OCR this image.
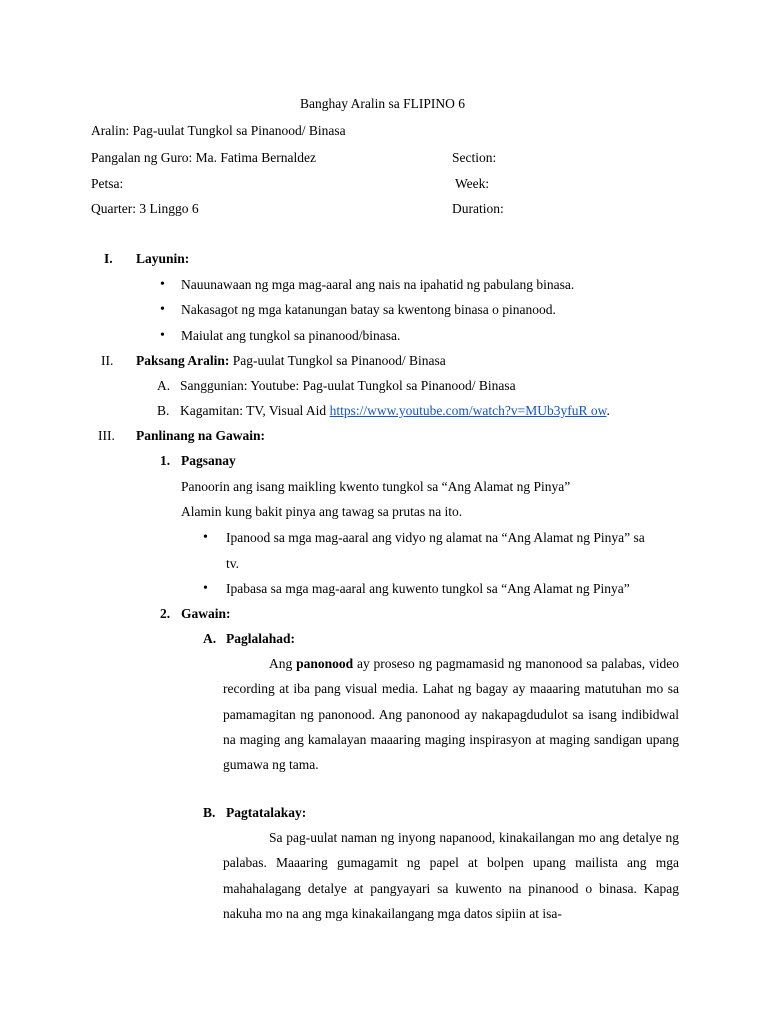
Banghay Aralin sa FLIPINO 6
Aralin: Pag-uulat Tungkol sa Pinanood/ Binasa
Pangalan ng Guro: Ma. Fatima Bernaldez	Section:
Petsa:	Week:
Quarter: 3 Linggo 6	Duration:
I. Layunin:
• Nauunawaan ng mga mag-aaral ang nais na ipahatid ng pabulang binasa.
• Nakasagot ng mga katanungan batay sa kwentong binasa o pinanood.
• Maiulat ang tungkol sa pinanood/binasa.
II. Paksang Aralin: Pag-uulat Tungkol sa Pinanood/ Binasa
A. Sanggunian: Youtube: Pag-uulat Tungkol sa Pinanood/ Binasa
B. Kagamitan: TV, Visual Aid https://www.youtube.com/watch?v=MUb3yfuR ow.
III. Panlinang na Gawain:
1. Pagsanay
Panoorin ang isang maikling kwento tungkol sa “Ang Alamat ng Pinya”
Alamin kung bakit pinya ang tawag sa prutas na ito.
• Ipanood sa mga mag-aaral ang vidyo ng alamat na “Ang Alamat ng Pinya” sa
tv.
• Ipabasa sa mga mag-aaral ang kuwento tungkol sa “Ang Alamat ng Pinya”
2. Gawain:
A. Paglalahad:
Ang panonood ay proseso ng pagmamasid ng manonood sa palabas, video recording at iba pang visual media. Lahat ng bagay ay maaaring matutuhan mo sa pamamagitan ng panonood. Ang panonood ay nakapagdudulot sa isang indibidwal na maging ang kamalayan maaaring maging inspirasyon at maging sandigan upang gumawa ng tama.
B. Pagtatalakay:
Sa pag-uulat naman ng inyong napanood, kinakailangan mo ang detalye ng palabas. Maaaring gumagamit ng papel at bolpen upang mailista ang mga mahahalagang detalye at pangyayari sa kuwento na pinanood o binasa. Kapag nakuha mo na ang mga kinakailangang mga datos sipiin at isa-
